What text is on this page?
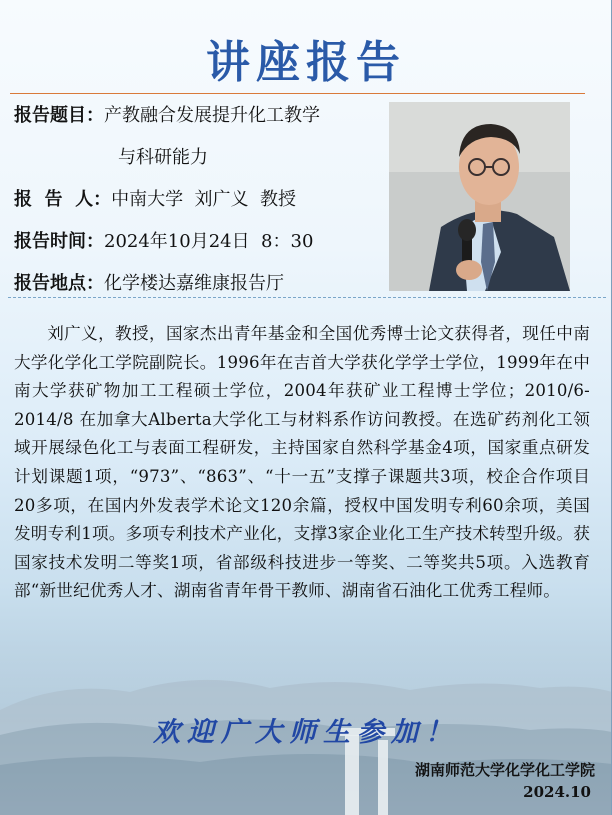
讲座报告
报告题目：产教融合发展提升化工教学
与科研能力
报  告  人：中南大学  刘广义  教授
报告时间：2024年10月24日  8：30
报告地点：化学楼达嘉维康报告厅
刘广义，教授，国家杰出青年基金和全国优秀博士论文获得者，现任中南大学化学化工学院副院长。1996年在吉首大学获化学学士学位，1999年在中南大学获矿物加工工程硕士学位，2004年获矿业工程博士学位；2010/6-2014/8 在加拿大Alberta大学化工与材料系作访问教授。在选矿药剂化工领域开展绿色化工与表面工程研发，主持国家自然科学基金4项，国家重点研发计划课题1项，“973”、“863”、“十一五”支撑子课题共3项，校企合作项目20多项，在国内外发表学术论文120余篇，授权中国发明专利60余项，美国发明专利1项。多项专利技术产业化，支撑3家企业化工生产技术转型升级。获国家技术发明二等奖1项，省部级科技进步一等奖、二等奖共5项。入选教育部“新世纪优秀人才、湖南省青年骨干教师、湖南省石油化工优秀工程师。
欢迎广大师生参加！
湖南师范大学化学化工学院
2024.10
